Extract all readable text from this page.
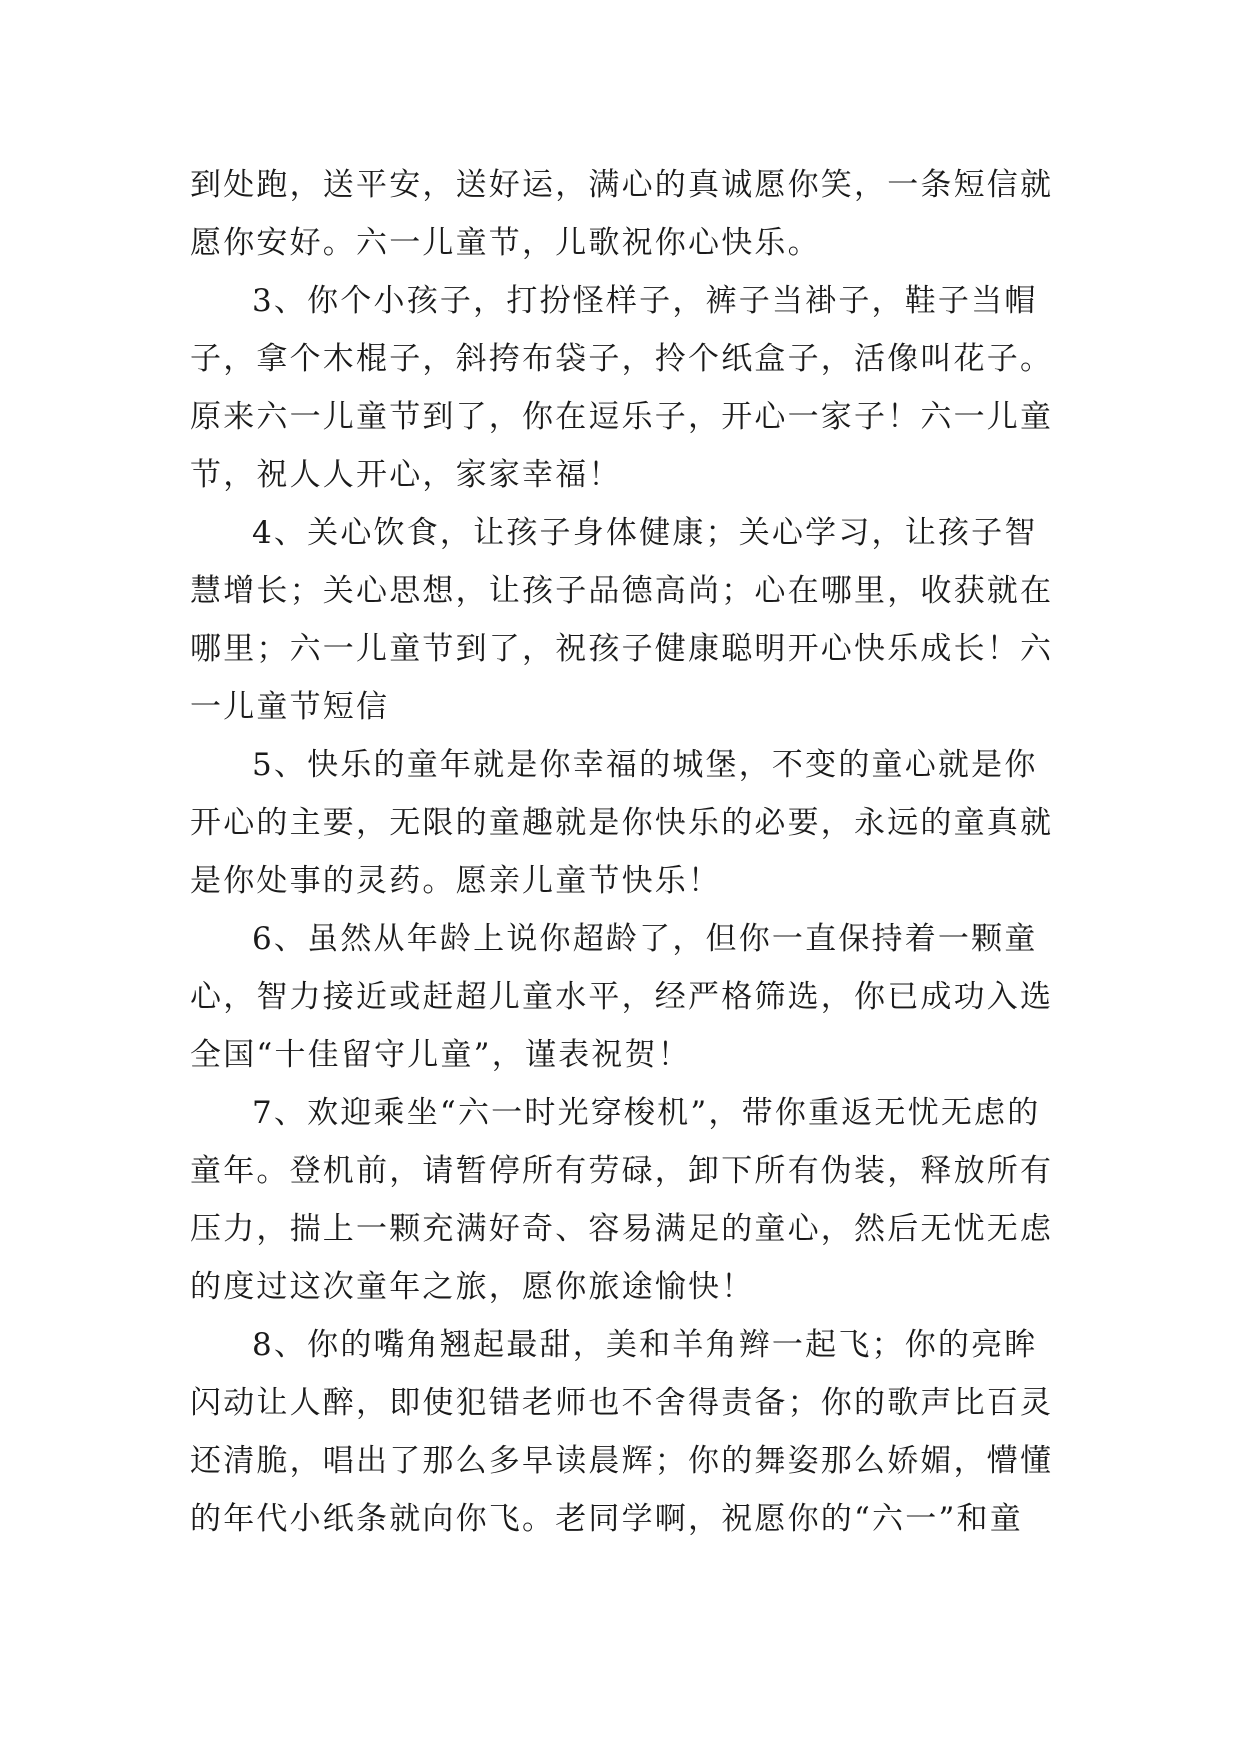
到处跑，送平安，送好运，满心的真诚愿你笑，一条短信就
愿你安好。六一儿童节，儿歌祝你心快乐。
3、你个小孩子，打扮怪样子，裤子当褂子，鞋子当帽
子，拿个木棍子，斜挎布袋子，拎个纸盒子，活像叫花子。
原来六一儿童节到了，你在逗乐子，开心一家子！六一儿童
节，祝人人开心，家家幸福！
4、关心饮食，让孩子身体健康；关心学习，让孩子智
慧增长；关心思想，让孩子品德高尚；心在哪里，收获就在
哪里；六一儿童节到了，祝孩子健康聪明开心快乐成长！六
一儿童节短信
5、快乐的童年就是你幸福的城堡，不变的童心就是你
开心的主要，无限的童趣就是你快乐的必要，永远的童真就
是你处事的灵药。愿亲儿童节快乐！
6、虽然从年龄上说你超龄了，但你一直保持着一颗童
心，智力接近或赶超儿童水平，经严格筛选，你已成功入选
全国“十佳留守儿童”，谨表祝贺！
7、欢迎乘坐“六一时光穿梭机”，带你重返无忧无虑的
童年。登机前，请暂停所有劳碌，卸下所有伪装，释放所有
压力，揣上一颗充满好奇、容易满足的童心，然后无忧无虑
的度过这次童年之旅，愿你旅途愉快！
8、你的嘴角翘起最甜，美和羊角辫一起飞；你的亮眸
闪动让人醉，即使犯错老师也不舍得责备；你的歌声比百灵
还清脆，唱出了那么多早读晨辉；你的舞姿那么娇媚，懵懂
的年代小纸条就向你飞。老同学啊，祝愿你的“六一”和童
